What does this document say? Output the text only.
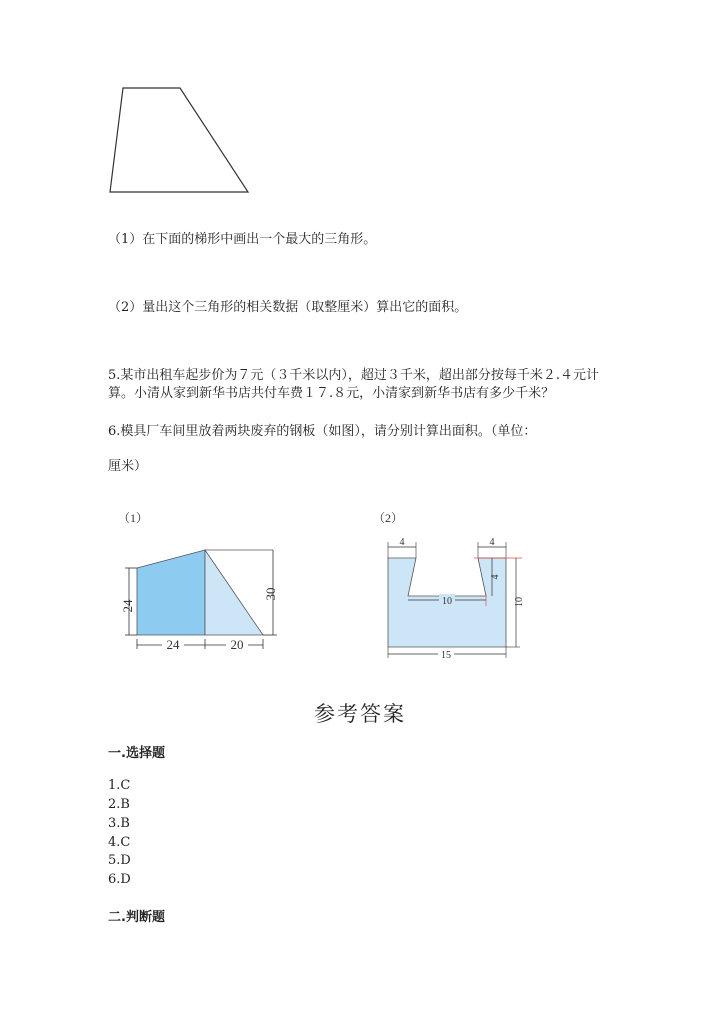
（1）在下面的梯形中画出一个最大的三角形。
（2）量出这个三角形的相关数据（取整厘米）算出它的面积。
5.某市出租车起步价为７元（３千米以内），超过３千米，超出部分按每千米２.４元计算。小清从家到新华书店共付车费１７.８元，小清家到新华书店有多少千米？
6.模具厂车间里放着两块废弃的钢板（如图），请分别计算出面积。（单位：
厘米）
（1）
24
30
24	20
（2）
4	4
4
10	10
15
参考答案
一.选择题
1.C
2.B
3.B
4.C
5.D
6.D
二.判断题
